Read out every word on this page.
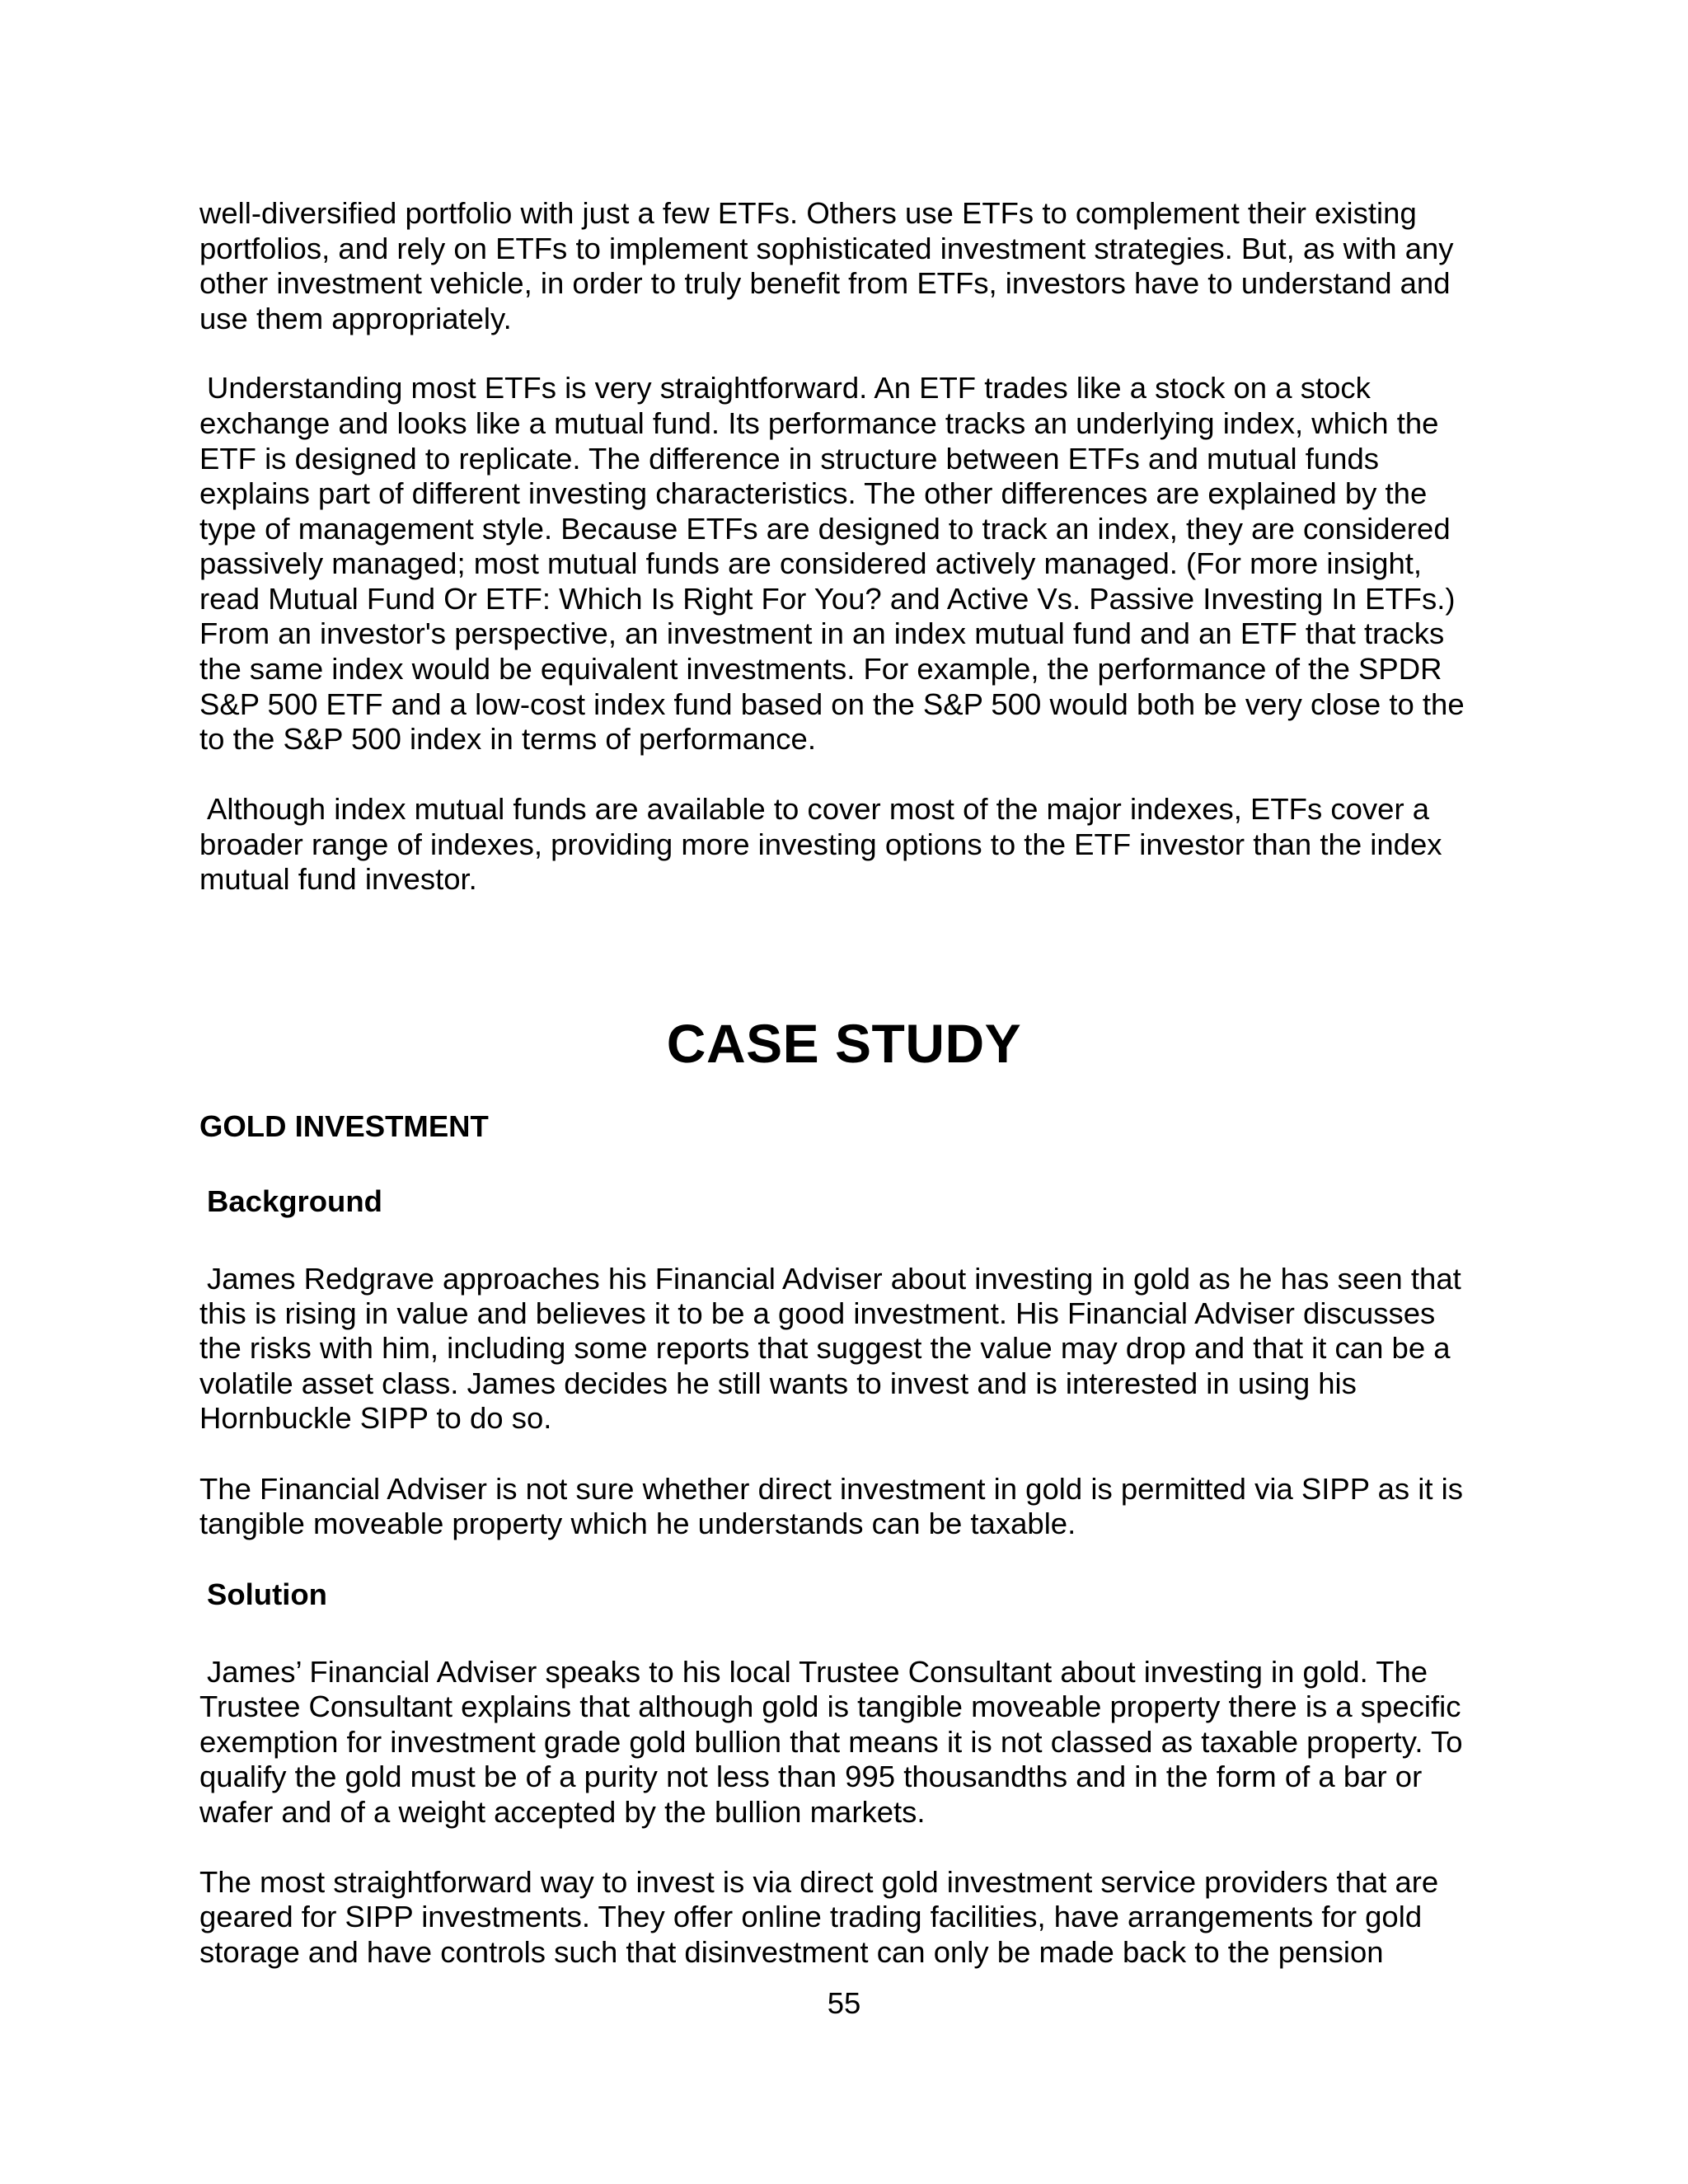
well-diversified portfolio with just a few ETFs. Others use ETFs to complement their existing

portfolios, and rely on ETFs to implement sophisticated investment strategies. But, as with any

other investment vehicle, in order to truly benefit from ETFs, investors have to understand and

use them appropriately.

Understanding most ETFs is very straightforward. An ETF trades like a stock on a stock

exchange and looks like a mutual fund. Its performance tracks an underlying index, which the

ETF is designed to replicate. The difference in structure between ETFs and mutual funds

explains part of different investing characteristics. The other differences are explained by the

type of management style. Because ETFs are designed to track an index, they are considered

passively managed; most mutual funds are considered actively managed. (For more insight,

read Mutual Fund Or ETF: Which Is Right For You? and Active Vs. Passive Investing In ETFs.)

From an investor's perspective, an investment in an index mutual fund and an ETF that tracks

the same index would be equivalent investments. For example, the performance of the SPDR

S&P 500 ETF and a low-cost index fund based on the S&P 500 would both be very close to the

to the S&P 500 index in terms of performance.

Although index mutual funds are available to cover most of the major indexes, ETFs cover a

broader range of indexes, providing more investing options to the ETF investor than the index

mutual fund investor.

CASE STUDY
GOLD INVESTMENT
Background

James Redgrave approaches his Financial Adviser about investing in gold as he has seen that

this is rising in value and believes it to be a good investment. His Financial Adviser discusses

the risks with him, including some reports that suggest the value may drop and that it can be a

volatile asset class. James decides he still wants to invest and is interested in using his

Hornbuckle SIPP to do so.

The Financial Adviser is not sure whether direct investment in gold is permitted via SIPP as it is

tangible moveable property which he understands can be taxable.

Solution

James’ Financial Adviser speaks to his local Trustee Consultant about investing in gold. The

Trustee Consultant explains that although gold is tangible moveable property there is a specific

exemption for investment grade gold bullion that means it is not classed as taxable property. To

qualify the gold must be of a purity not less than 995 thousandths and in the form of a bar or

wafer and of a weight accepted by the bullion markets.

The most straightforward way to invest is via direct gold investment service providers that are

geared for SIPP investments. They offer online trading facilities, have arrangements for gold

storage and have controls such that disinvestment can only be made back to the pension

55
